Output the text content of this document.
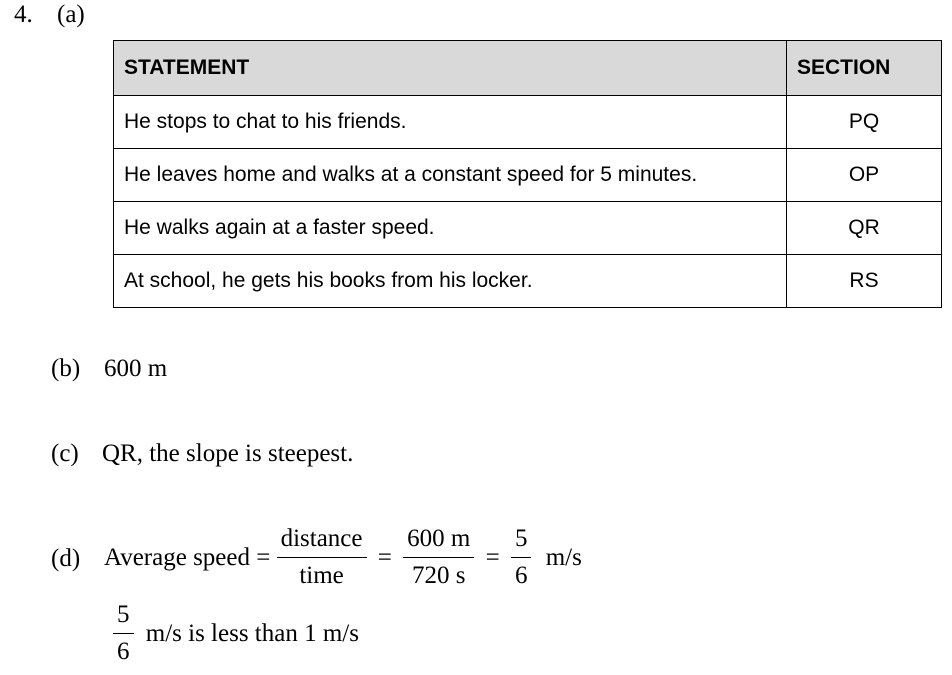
4. (a)
STATEMENT	SECTION
He stops to chat to his friends.	PQ
He leaves home and walks at a constant speed for 5 minutes.	OP
He walks again at a faster speed.	QR
At school, he gets his books from his locker.	RS
(b) 600 m
(c) QR, the slope is steepest.
(d) Average speed = $\frac{\text{distance}}{\text{time}} = \frac{600 m}{720 s} = \frac{5}{6} m/s$
$\frac{5}{6} m/s$ is less than 1 m/s
